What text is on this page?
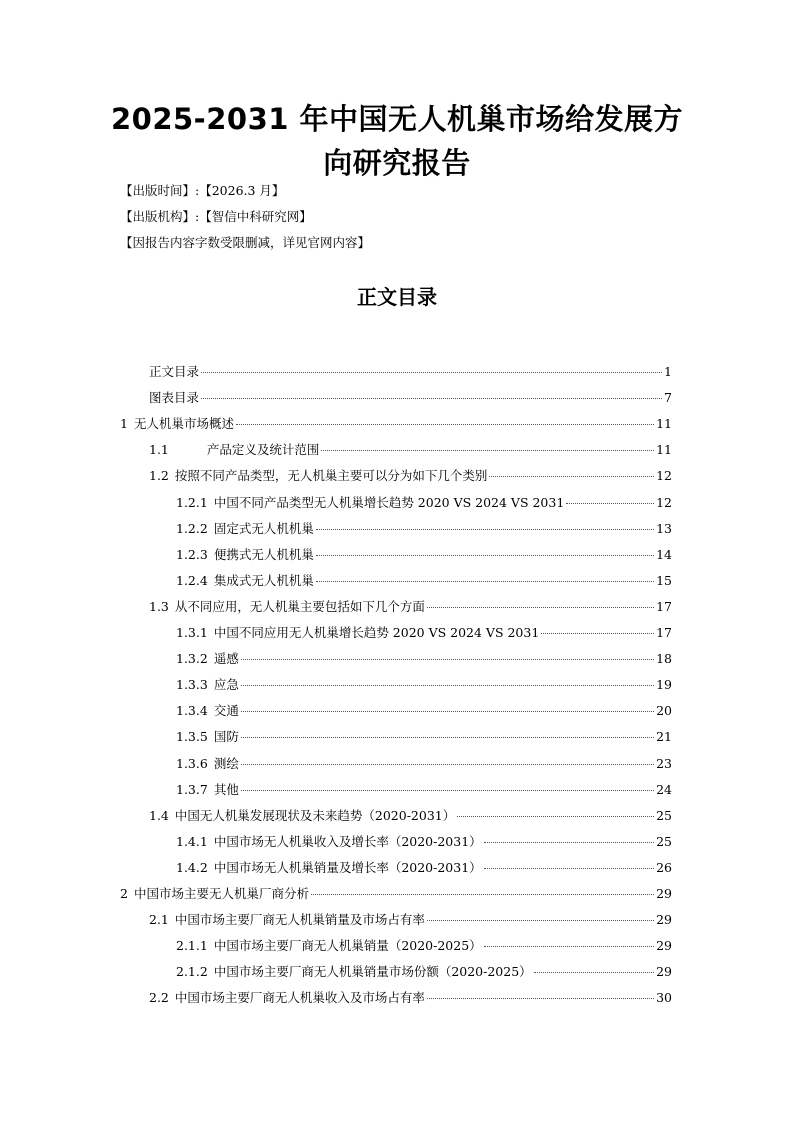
2025-2031 年中国无人机巢市场给发展方
向研究报告
【出版时间】:【2026.3 月】
【出版机构】:【智信中科研究网】
【因报告内容字数受限删减，详见官网内容】
正文目录
正文目录	1
图表目录	7
1 无人机巢市场概述	11
1.1	产品定义及统计范围	11
1.2 按照不同产品类型，无人机巢主要可以分为如下几个类别	12
1.2.1 中国不同产品类型无人机巢增长趋势 2020 VS 2024 VS 2031	12
1.2.2 固定式无人机机巢	13
1.2.3 便携式无人机机巢	14
1.2.4 集成式无人机机巢	15
1.3 从不同应用，无人机巢主要包括如下几个方面	17
1.3.1 中国不同应用无人机巢增长趋势 2020 VS 2024 VS 2031	17
1.3.2 遥感	18
1.3.3 应急	19
1.3.4 交通	20
1.3.5 国防	21
1.3.6 测绘	23
1.3.7 其他	24
1.4 中国无人机巢发展现状及未来趋势（2020-2031）	25
1.4.1 中国市场无人机巢收入及增长率（2020-2031）	25
1.4.2 中国市场无人机巢销量及增长率（2020-2031）	26
2 中国市场主要无人机巢厂商分析	29
2.1 中国市场主要厂商无人机巢销量及市场占有率	29
2.1.1 中国市场主要厂商无人机巢销量（2020-2025）	29
2.1.2 中国市场主要厂商无人机巢销量市场份额（2020-2025）	29
2.2 中国市场主要厂商无人机巢收入及市场占有率	30
